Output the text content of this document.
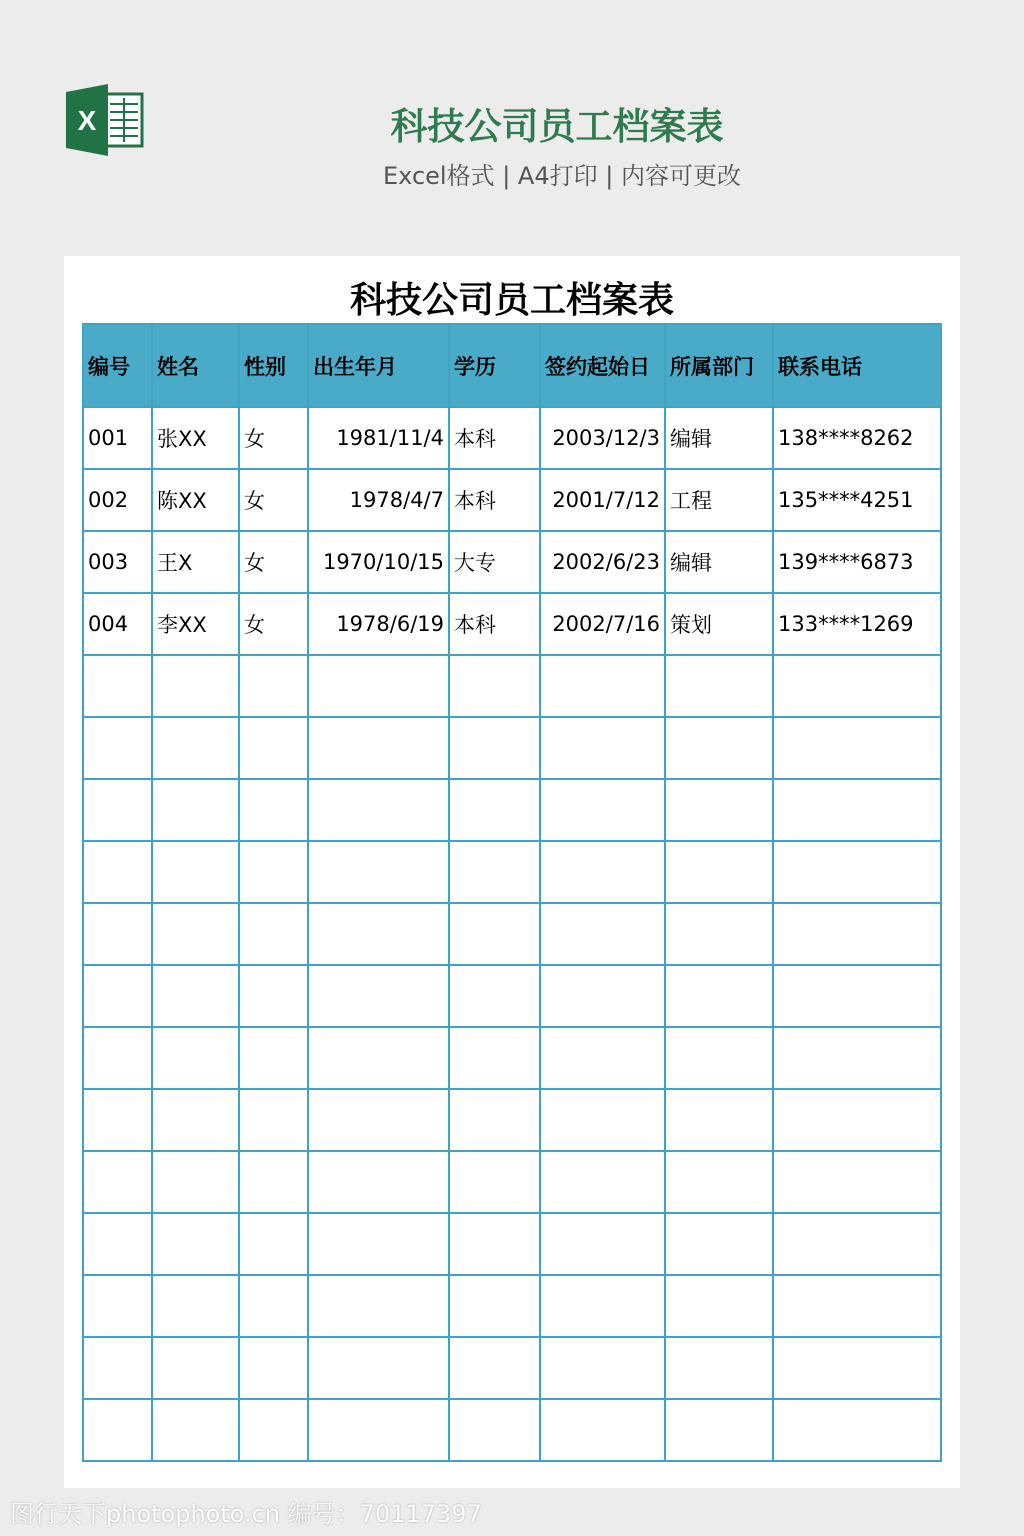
X	科技公司员工档案表
Excel格式 | A4打印 | 内容可更改
科技公司员工档案表
编号	姓名	性别	出生年月	学历	签约起始日	所属部门	联系电话
001	张XX	女	1981/11/4	本科	2003/12/3	编辑	138****8262
002	陈XX	女	1978/4/7	本科	2001/7/12	工程	135****4251
003	王X	女	1970/10/15	大专	2002/6/23	编辑	139****6873
004	李XX	女	1978/6/19	本科	2002/7/16	策划	133****1269

图行天下photophoto.cn 编号：70117397
